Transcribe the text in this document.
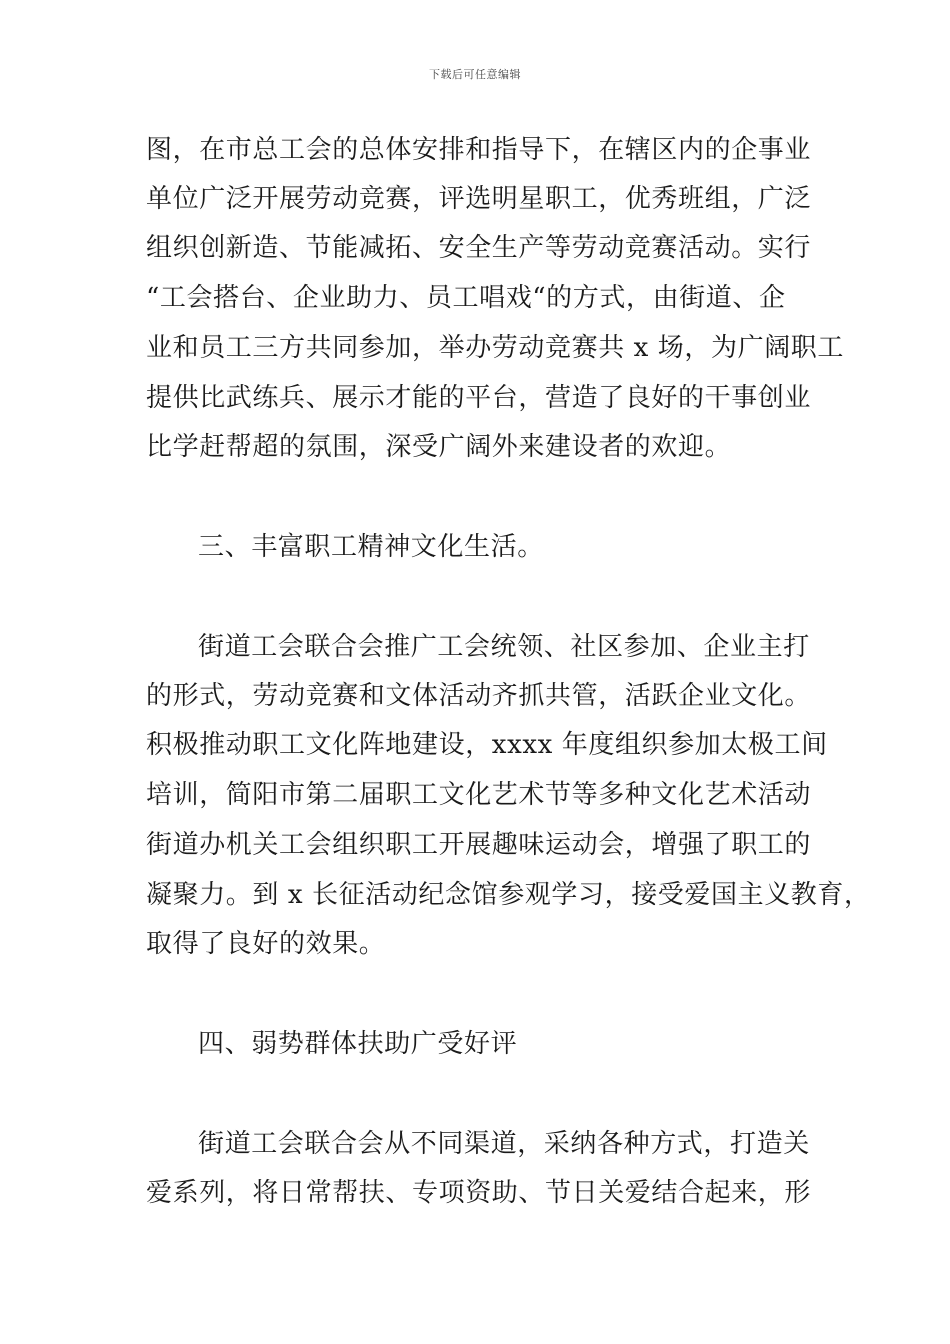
下载后可任意编辑
图，在市总工会的总体安排和指导下，在辖区内的企事业
单位广泛开展劳动竞赛，评选明星职工，优秀班组，广泛
组织创新造、节能减拓、安全生产等劳动竞赛活动。实行
“工会搭台、企业助力、员工唱戏“的方式，由街道、企
业和员工三方共同参加，举办劳动竞赛共 x 场，为广阔职工
提供比武练兵、展示才能的平台，营造了良好的干事创业
比学赶帮超的氛围，深受广阔外来建设者的欢迎。
三、丰富职工精神文化生活。
街道工会联合会推广工会统领、社区参加、企业主打
的形式，劳动竞赛和文体活动齐抓共管，活跃企业文化。
积极推动职工文化阵地建设，xxxx 年度组织参加太极工间
培训，简阳市第二届职工文化艺术节等多种文化艺术活动
街道办机关工会组织职工开展趣味运动会，增强了职工的
凝聚力。到 x 长征活动纪念馆参观学习，接受爱国主义教育，
取得了良好的效果。
四、弱势群体扶助广受好评
街道工会联合会从不同渠道，采纳各种方式，打造关
爱系列，将日常帮扶、专项资助、节日关爱结合起来，形
